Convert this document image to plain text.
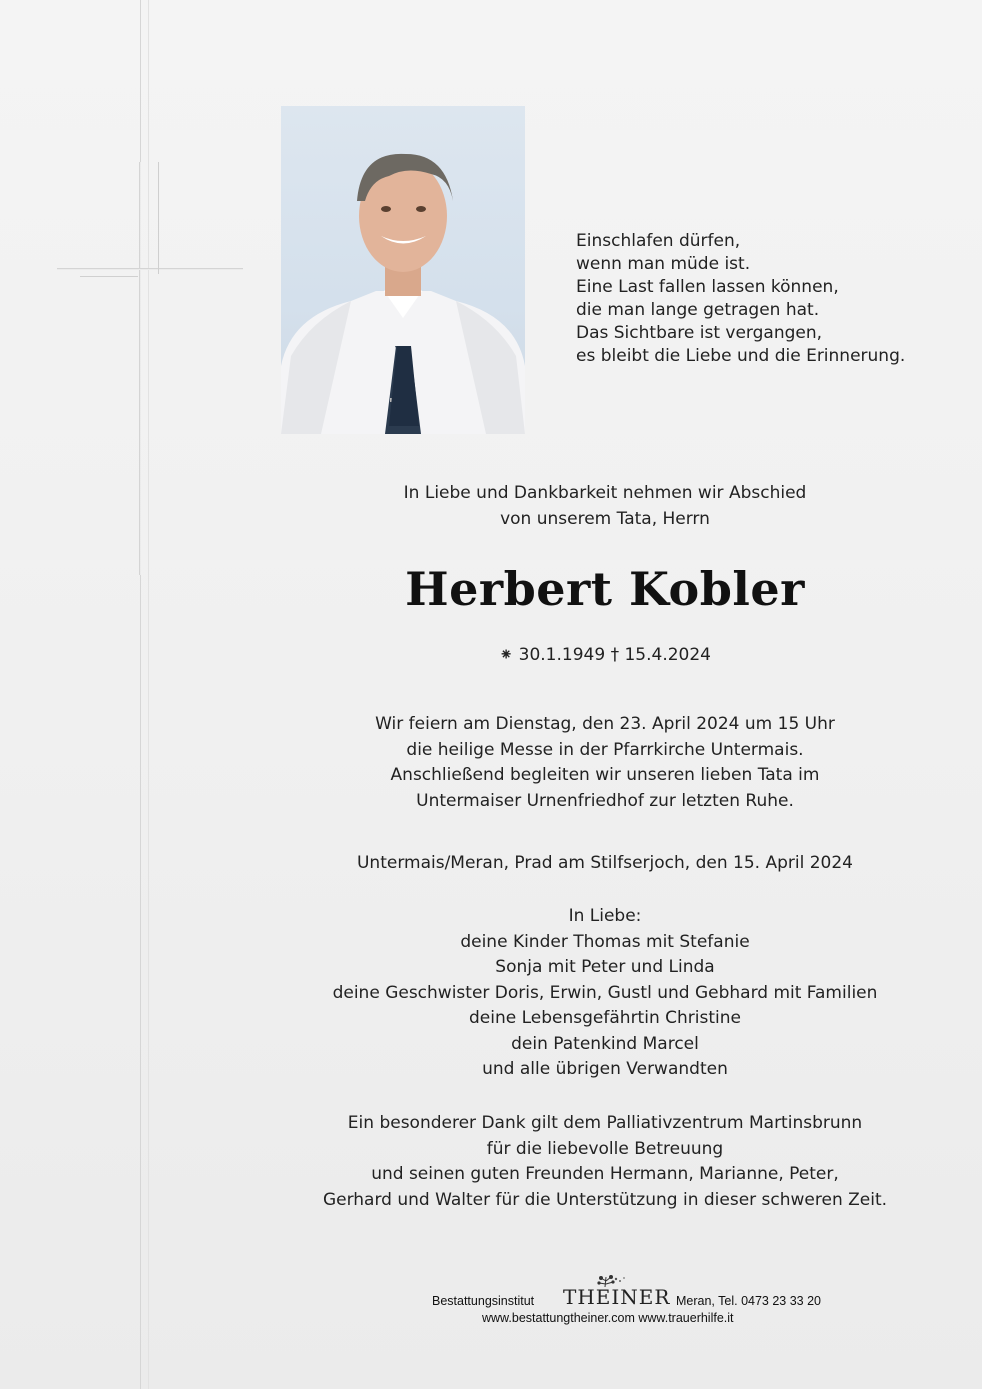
Einschlafen dürfen,
wenn man müde ist.
Eine Last fallen lassen können,
die man lange getragen hat.
Das Sichtbare ist vergangen,
es bleibt die Liebe und die Erinnerung.
In Liebe und Dankbarkeit nehmen wir Abschied
von unserem Tata, Herrn
Herbert Kobler
⁕ 30.1.1949 † 15.4.2024
Wir feiern am Dienstag, den 23. April 2024 um 15 Uhr
die heilige Messe in der Pfarrkirche Untermais.
Anschließend begleiten wir unseren lieben Tata im
Untermaiser Urnenfriedhof zur letzten Ruhe.
Untermais/Meran, Prad am Stilfserjoch, den 15. April 2024
In Liebe:
deine Kinder Thomas mit Stefanie
Sonja mit Peter und Linda
deine Geschwister Doris, Erwin, Gustl und Gebhard mit Familien
deine Lebensgefährtin Christine
dein Patenkind Marcel
und alle übrigen Verwandten
Ein besonderer Dank gilt dem Palliativzentrum Martinsbrunn
für die liebevolle Betreuung
und seinen guten Freunden Hermann, Marianne, Peter,
Gerhard und Walter für die Unterstützung in dieser schweren Zeit.
Bestattungsinstitut THEINER Meran, Tel. 0473 23 33 20
www.bestattungtheiner.com www.trauerhilfe.it
